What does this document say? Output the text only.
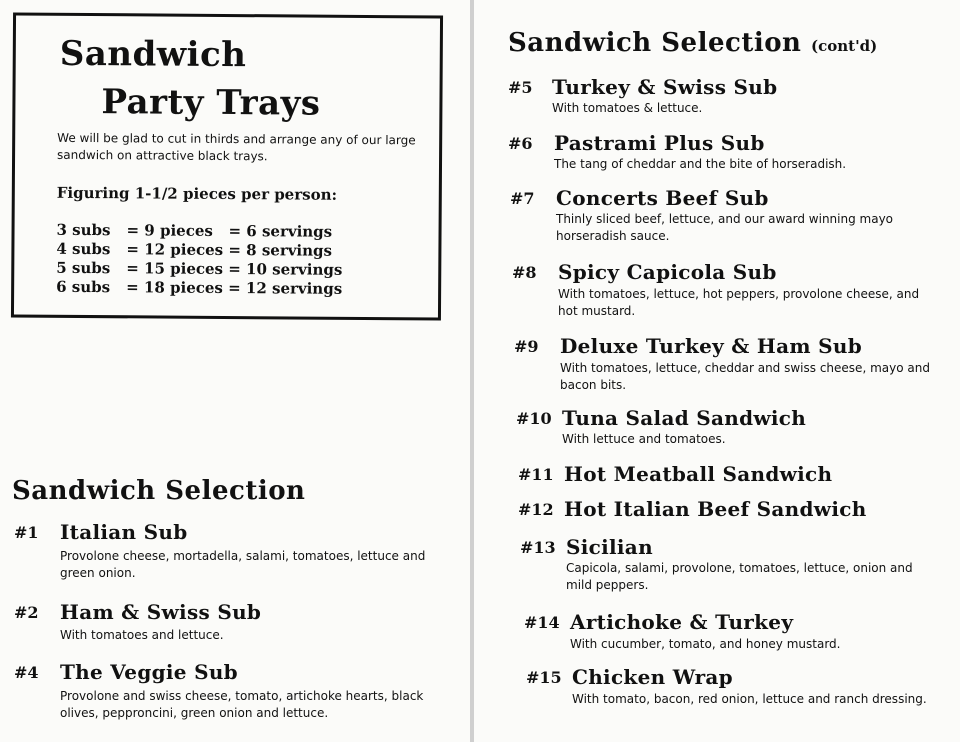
Sandwich
Party Trays
We will be glad to cut in thirds and arrange any of our large sandwich on attractive black trays.
Figuring 1-1/2 pieces per person:
3 subs = 9 pieces = 6 servings
4 subs = 12 pieces = 8 servings
5 subs = 15 pieces = 10 servings
6 subs = 18 pieces = 12 servings
Sandwich Selection
#1 Italian Sub
Provolone cheese, mortadella, salami, tomatoes, lettuce and green onion.
#2 Ham & Swiss Sub
With tomatoes and lettuce.
#4 The Veggie Sub
Provolone and swiss cheese, tomato, artichoke hearts, black olives, pepproncini, green onion and lettuce.
Sandwich Selection (cont'd)
#5 Turkey & Swiss Sub
With tomatoes & lettuce.
#6 Pastrami Plus Sub
The tang of cheddar and the bite of horseradish.
#7 Concerts Beef Sub
Thinly sliced beef, lettuce, and our award winning mayo horseradish sauce.
#8 Spicy Capicola Sub
With tomatoes, lettuce, hot peppers, provolone cheese, and hot mustard.
#9 Deluxe Turkey & Ham Sub
With tomatoes, lettuce, cheddar and swiss cheese, mayo and bacon bits.
#10 Tuna Salad Sandwich
With lettuce and tomatoes.
#11 Hot Meatball Sandwich
#12 Hot Italian Beef Sandwich
#13 Sicilian
Capicola, salami, provolone, tomatoes, lettuce, onion and mild peppers.
#14 Artichoke & Turkey
With cucumber, tomato, and honey mustard.
#15 Chicken Wrap
With tomato, bacon, red onion, lettuce and ranch dressing.
